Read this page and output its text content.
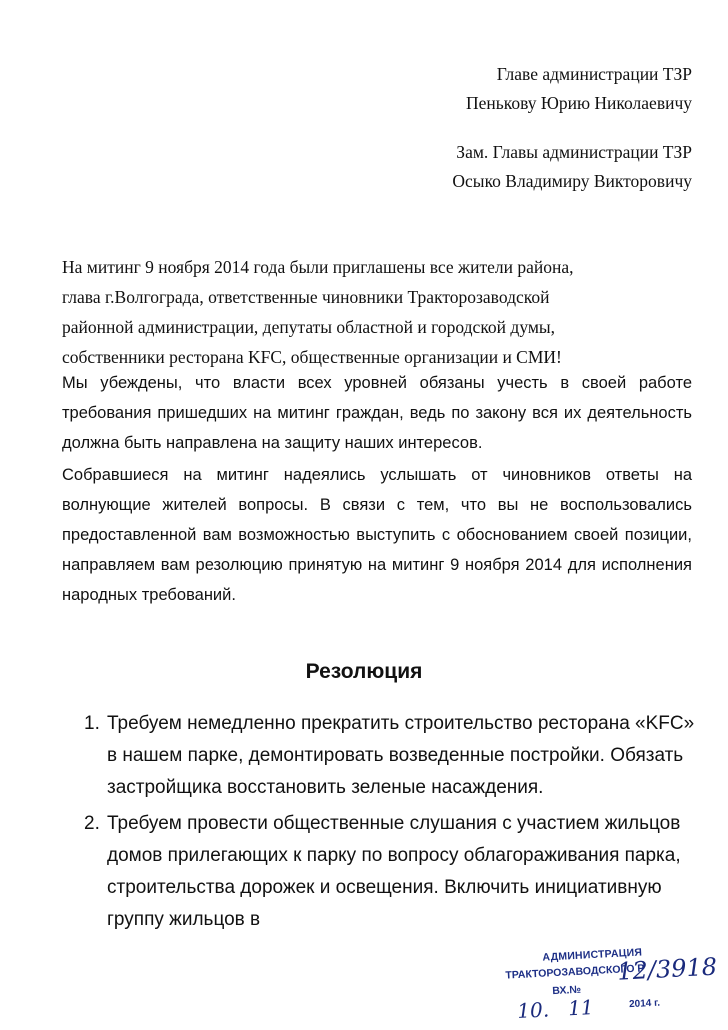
Главе администрации ТЗР
Пенькову Юрию Николаевичу
Зам. Главы администрации ТЗР
Осыко Владимиру Викторовичу
На митинг 9 ноября 2014 года были приглашены все жители района,
глава г.Волгограда, ответственные чиновники Тракторозаводской
районной администрации, депутаты областной и городской думы,
собственники ресторана KFC, общественные организации и СМИ!
Мы убеждены, что власти всех уровней обязаны учесть в своей работе требования пришедших на митинг граждан, ведь по закону вся их деятельность должна быть направлена на защиту наших интересов.
Собравшиеся на митинг надеялись услышать от чиновников ответы на волнующие жителей вопросы. В связи с тем, что вы не воспользовались предоставленной вам возможностью выступить с обоснованием своей позиции, направляем вам резолюцию принятую на митинг 9 ноября 2014 для исполнения народных требований.
Резолюция
1. Требуем немедленно прекратить строительство ресторана «KFC» в нашем парке, демонтировать возведенные постройки. Обязать застройщика восстановить зеленые насаждения.
2. Требуем провести общественные слушания с участием жильцов домов прилегающих к парку по вопросу облагораживания парка, строительства дорожек и освещения. Включить инициативную группу жильцов в
АДМИНИСТРАЦИЯ
ТРАКТОРОЗАВОДСКОГО Р
ВХ.№
12/3918
10.   11	2014 г.
